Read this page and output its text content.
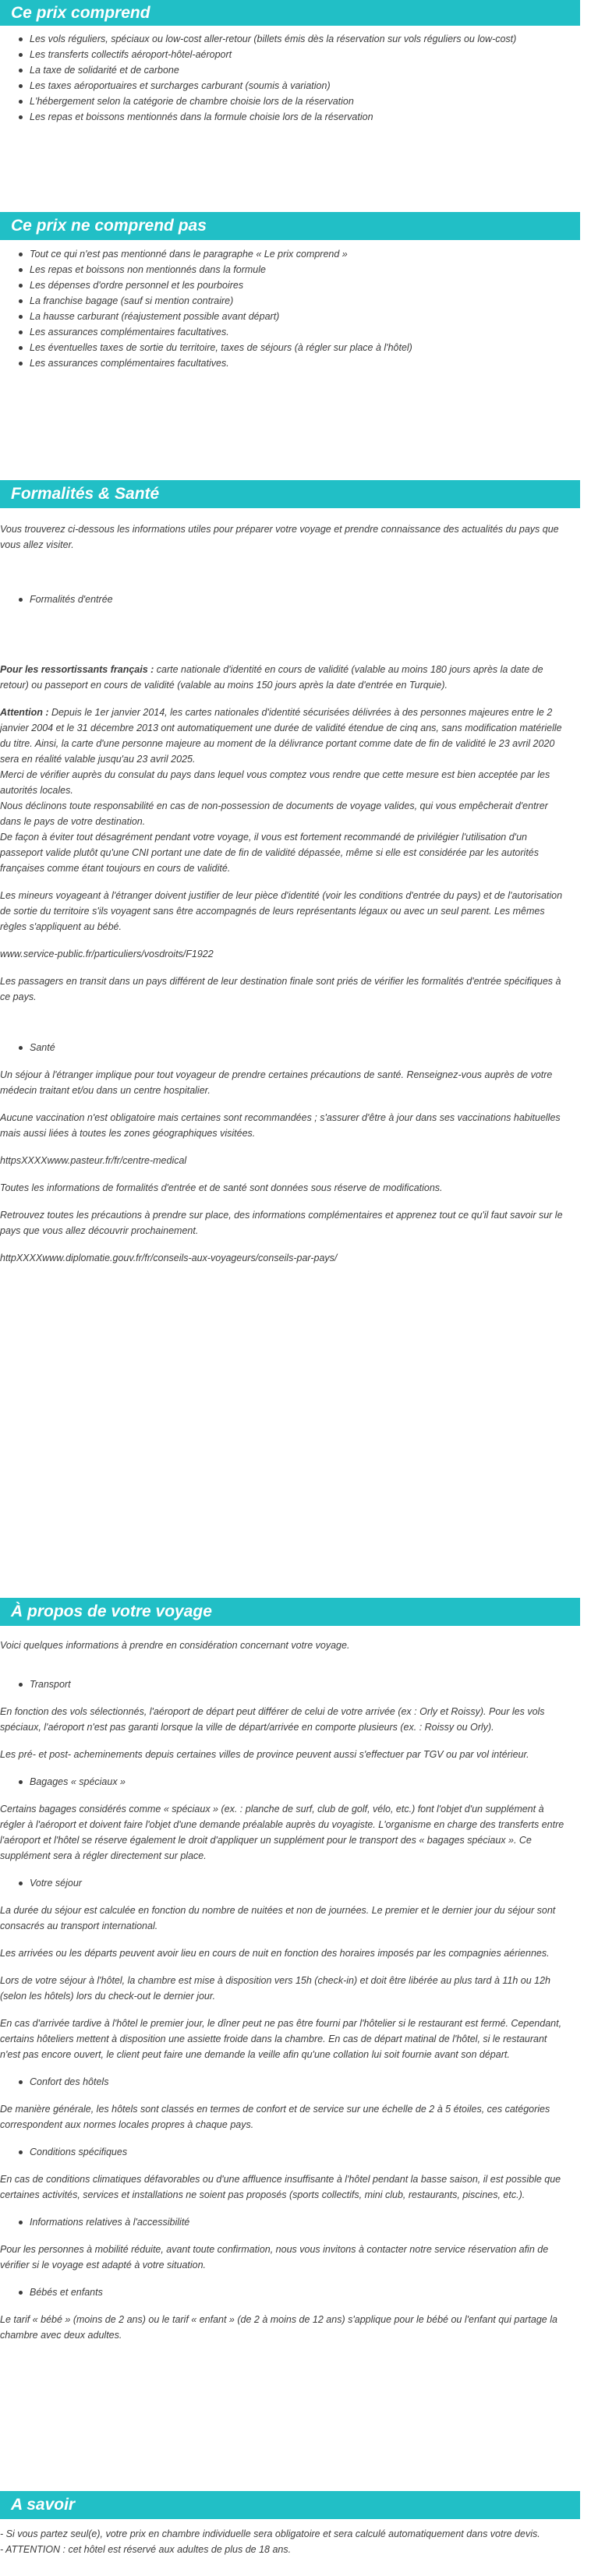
Ce prix comprend
Les vols réguliers, spéciaux ou low-cost aller-retour (billets émis dès la réservation sur vols réguliers ou low-cost)
Les transferts collectifs aéroport-hôtel-aéroport
La taxe de solidarité et de carbone
Les taxes aéroportuaires et surcharges carburant (soumis à variation)
L'hébergement selon la catégorie de chambre choisie lors de la réservation
Les repas et boissons mentionnés dans la formule choisie lors de la réservation
Ce prix ne comprend pas
Tout ce qui n'est pas mentionné dans le paragraphe « Le prix comprend »
Les repas et boissons non mentionnés dans la formule
Les dépenses d'ordre personnel et les pourboires
La franchise bagage (sauf si mention contraire)
La hausse carburant (réajustement possible avant départ)
Les assurances complémentaires facultatives.
Les éventuelles taxes de sortie du territoire, taxes de séjours (à régler sur place à l'hôtel)
Les assurances complémentaires facultatives.
Formalités & Santé

Vous trouverez ci-dessous les informations utiles pour préparer votre voyage et prendre connaissance des actualités du pays que vous allez visiter.

Formalités d'entrée

Pour les ressortissants français : carte nationale d'identité en cours de validité (valable au moins 180 jours après la date de retour) ou passeport en cours de validité (valable au moins 150 jours après la date d'entrée en Turquie).

Attention : Depuis le 1er janvier 2014, les cartes nationales d'identité sécurisées délivrées à des personnes majeures entre le 2 janvier 2004 et le 31 décembre 2013 ont automatiquement une durée de validité étendue de cinq ans, sans modification matérielle du titre. Ainsi, la carte d'une personne majeure au moment de la délivrance portant comme date de fin de validité le 23 avril 2020 sera en réalité valable jusqu'au 23 avril 2025.

Merci de vérifier auprès du consulat du pays dans lequel vous comptez vous rendre que cette mesure est bien acceptée par les autorités locales.

Nous déclinons toute responsabilité en cas de non-possession de documents de voyage valides, qui vous empêcherait d'entrer dans le pays de votre destination.

De façon à éviter tout désagrément pendant votre voyage, il vous est fortement recommandé de privilégier l'utilisation d'un passeport valide plutôt qu'une CNI portant une date de fin de validité dépassée, même si elle est considérée par les autorités françaises comme étant toujours en cours de validité.

Les mineurs voyageant à l'étranger doivent justifier de leur pièce d'identité (voir les conditions d'entrée du pays) et de l'autorisation de sortie du territoire s'ils voyagent sans être accompagnés de leurs représentants légaux ou avec un seul parent. Les mêmes règles s'appliquent au bébé.

www.service-public.fr/particuliers/vosdroits/F1922

Les passagers en transit dans un pays différent de leur destination finale sont priés de vérifier les formalités d'entrée spécifiques à ce pays.

Santé

Un séjour à l'étranger implique pour tout voyageur de prendre certaines précautions de santé. Renseignez-vous auprès de votre médecin traitant et/ou dans un centre hospitalier.

Aucune vaccination n'est obligatoire mais certaines sont recommandées ; s'assurer d'être à jour dans ses vaccinations habituelles mais aussi liées à toutes les zones géographiques visitées.

httpsXXXXwww.pasteur.fr/fr/centre-medical

Toutes les informations de formalités d'entrée et de santé sont données sous réserve de modifications.

Retrouvez toutes les précautions à prendre sur place, des informations complémentaires et apprenez tout ce qu'il faut savoir sur le pays que vous allez découvrir prochainement.

httpXXXXwww.diplomatie.gouv.fr/fr/conseils-aux-voyageurs/conseils-par-pays/

À propos de votre voyage

Voici quelques informations à prendre en considération concernant votre voyage.

Transport

En fonction des vols sélectionnés, l'aéroport de départ peut différer de celui de votre arrivée (ex : Orly et Roissy). Pour les vols spéciaux, l'aéroport n'est pas garanti lorsque la ville de départ/arrivée en comporte plusieurs (ex. : Roissy ou Orly).

Les pré- et post- acheminements depuis certaines villes de province peuvent aussi s'effectuer par TGV ou par vol intérieur.

Bagages « spéciaux »

Certains bagages considérés comme « spéciaux » (ex. : planche de surf, club de golf, vélo, etc.) font l'objet d'un supplément à régler à l'aéroport et doivent faire l'objet d'une demande préalable auprès du voyagiste. L'organisme en charge des transferts entre l'aéroport et l'hôtel se réserve également le droit d'appliquer un supplément pour le transport des « bagages spéciaux ». Ce supplément sera à régler directement sur place.

Votre séjour

La durée du séjour est calculée en fonction du nombre de nuitées et non de journées. Le premier et le dernier jour du séjour sont consacrés au transport international.

Les arrivées ou les départs peuvent avoir lieu en cours de nuit en fonction des horaires imposés par les compagnies aériennes.

Lors de votre séjour à l'hôtel, la chambre est mise à disposition vers 15h (check-in) et doit être libérée au plus tard à 11h ou 12h (selon les hôtels) lors du check-out le dernier jour.

En cas d'arrivée tardive à l'hôtel le premier jour, le dîner peut ne pas être fourni par l'hôtelier si le restaurant est fermé. Cependant, certains hôteliers mettent à disposition une assiette froide dans la chambre. En cas de départ matinal de l'hôtel, si le restaurant n'est pas encore ouvert, le client peut faire une demande la veille afin qu'une collation lui soit fournie avant son départ.

Confort des hôtels

De manière générale, les hôtels sont classés en termes de confort et de service sur une échelle de 2 à 5 étoiles, ces catégories correspondent aux normes locales propres à chaque pays.

Conditions spécifiques

En cas de conditions climatiques défavorables ou d'une affluence insuffisante à l'hôtel pendant la basse saison, il est possible que certaines activités, services et installations ne soient pas proposés (sports collectifs, mini club, restaurants, piscines, etc.).

Informations relatives à l'accessibilité

Pour les personnes à mobilité réduite, avant toute confirmation, nous vous invitons à contacter notre service réservation afin de vérifier si le voyage est adapté à votre situation.

Bébés et enfants

Le tarif « bébé » (moins de 2 ans) ou le tarif « enfant » (de 2 à moins de 12 ans) s'applique pour le bébé ou l'enfant qui partage la chambre avec deux adultes.

A savoir

- Si vous partez seul(e), votre prix en chambre individuelle sera obligatoire et sera calculé automatiquement dans votre devis.

- ATTENTION : cet hôtel est réservé aux adultes de plus de 18 ans.
